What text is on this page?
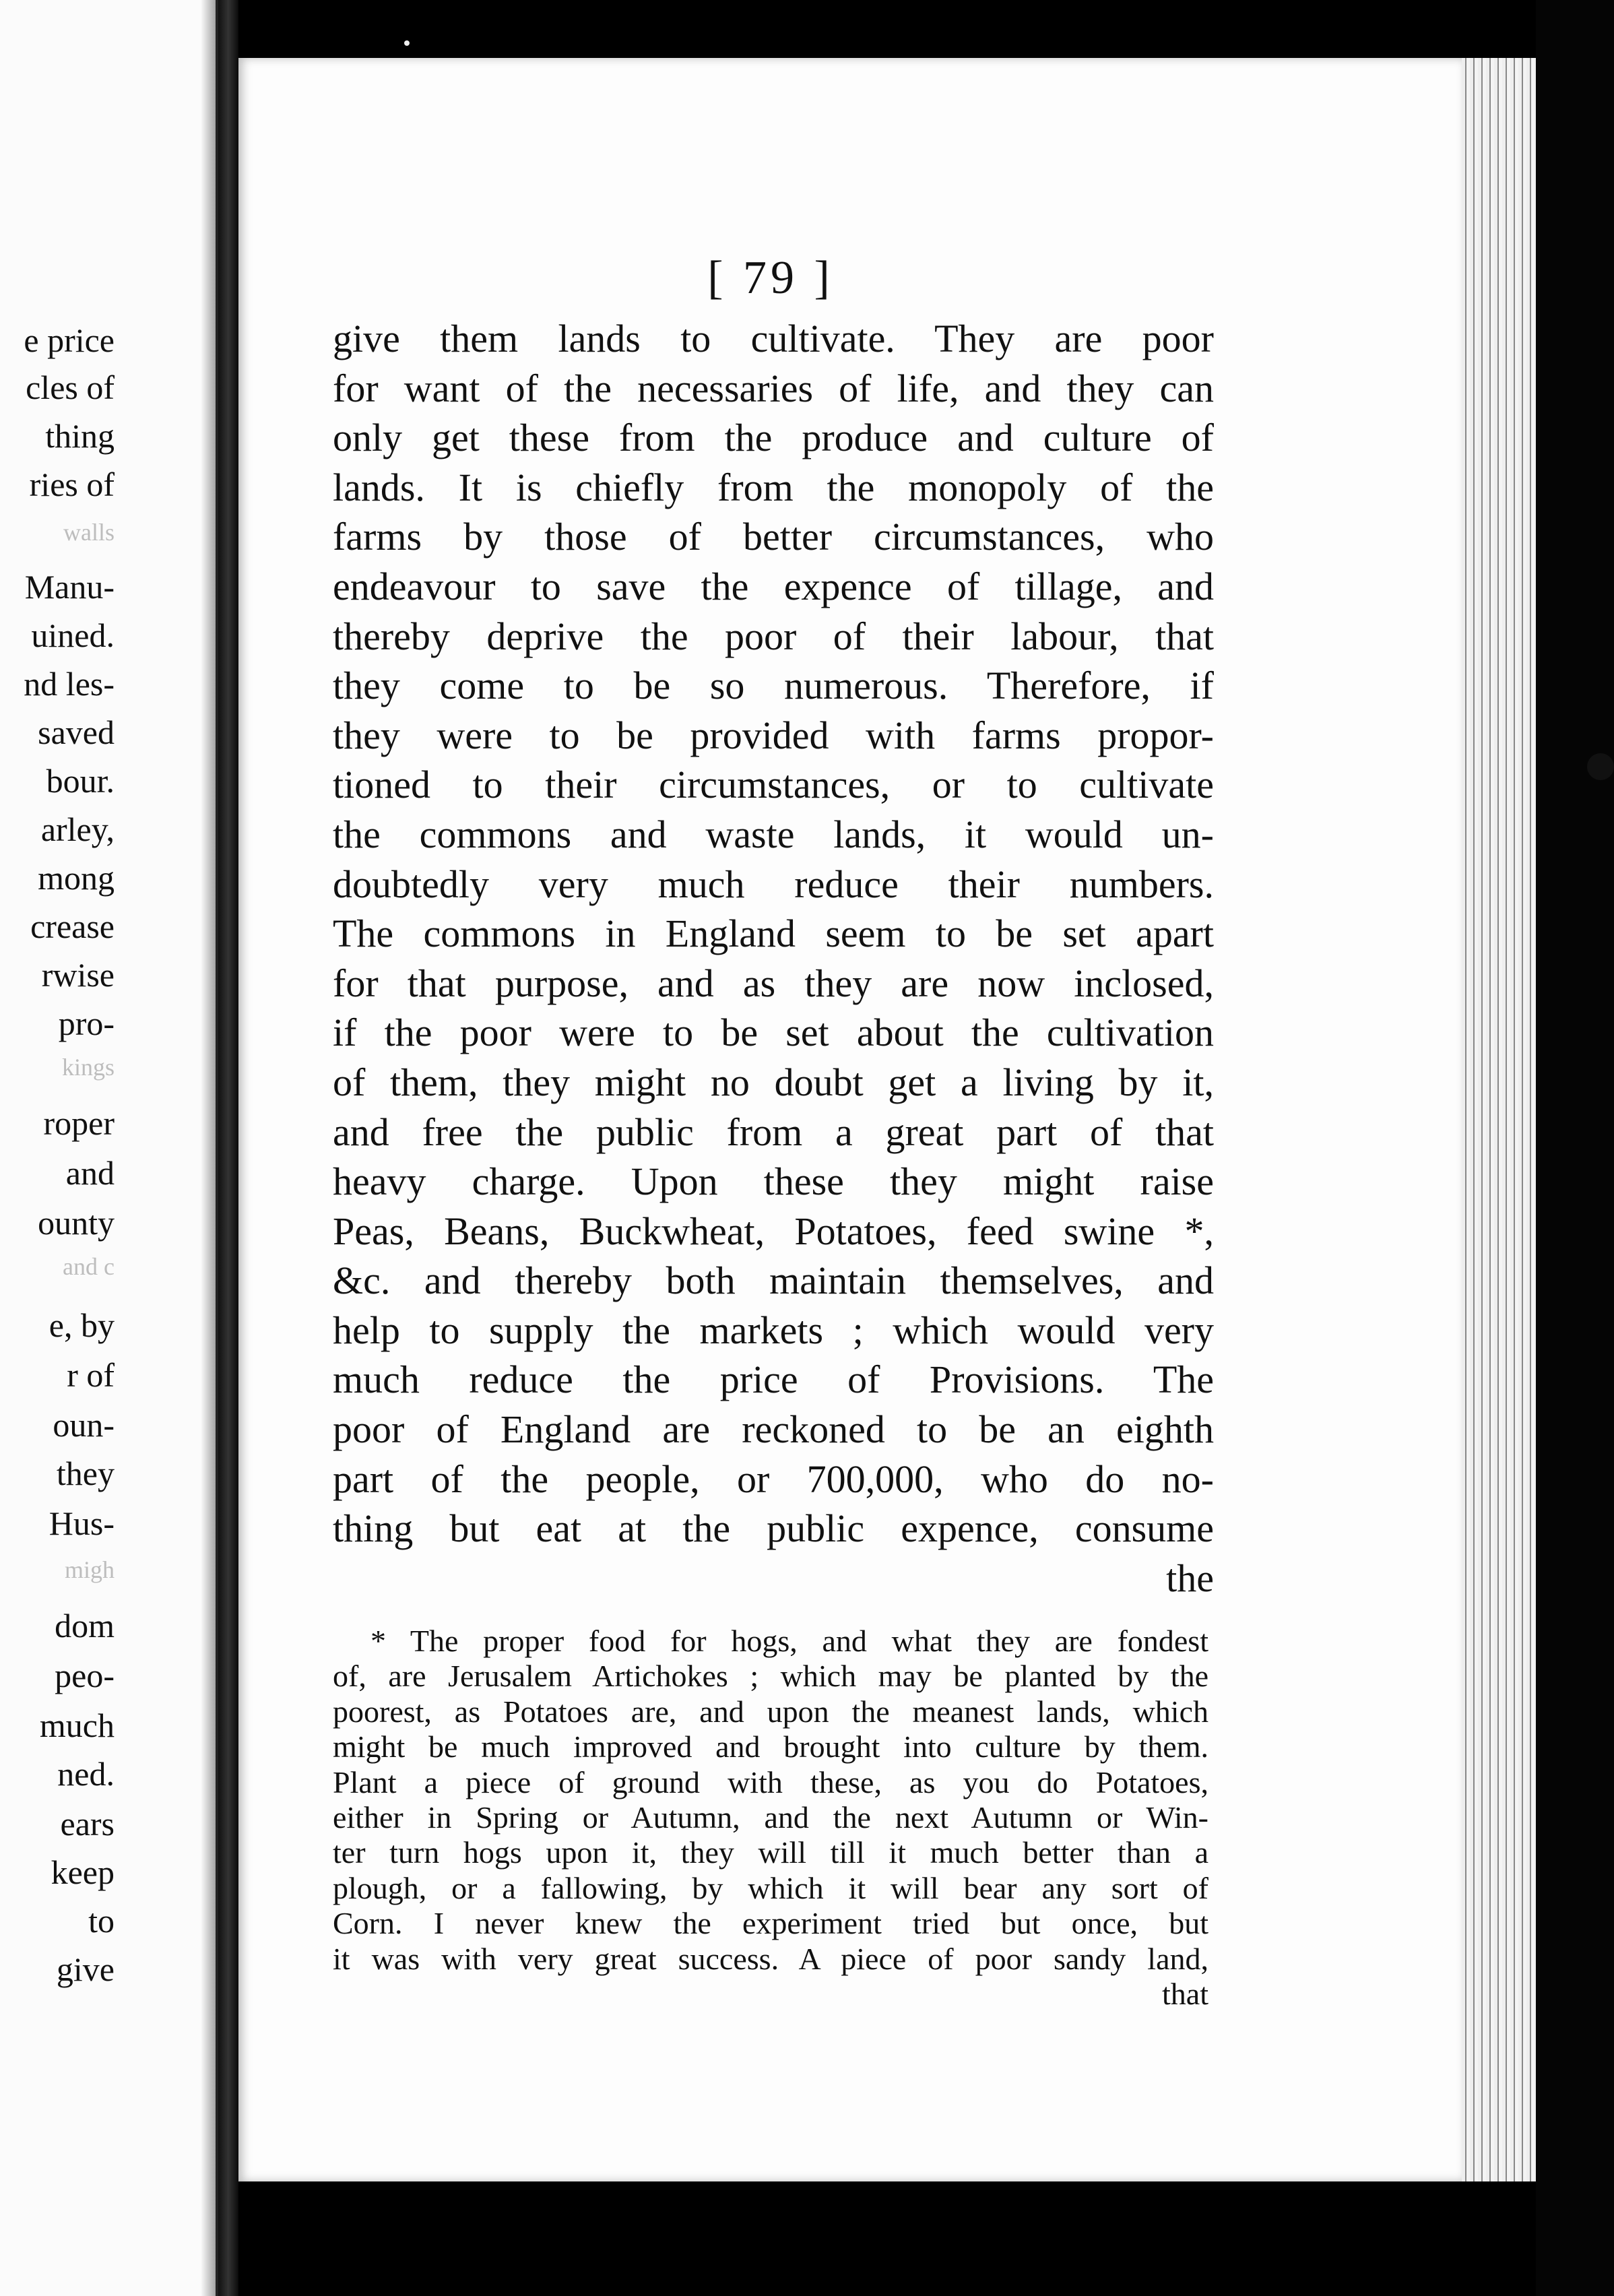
e price
cles of
thing
ries of
walls
Manu-
uined.
nd les-
saved
bour.
arley,
mong
crease
rwise
pro-
kings
roper
and
ounty
and c
e, by
r of
oun-
they
Hus-
migh
dom
peo-
much
ned.
ears
keep
to
give
[ 79 ]
give them lands to cultivate. They are poor
for want of the necessaries of life, and they can
only get these from the produce and culture of
lands. It is chiefly from the monopoly of the
farms by those of better circumstances, who
endeavour to save the expence of tillage, and
thereby deprive the poor of their labour, that
they come to be so numerous. Therefore, if
they were to be provided with farms propor-
tioned to their circumstances, or to cultivate
the commons and waste lands, it would un-
doubtedly very much reduce their numbers.
The commons in England seem to be set apart
for that purpose, and as they are now inclosed,
if the poor were to be set about the cultivation
of them, they might no doubt get a living by it,
and free the public from a great part of that
heavy charge. Upon these they might raise
Peas, Beans, Buckwheat, Potatoes, feed swine *,
&c. and thereby both maintain themselves, and
help to supply the markets ; which would very
much reduce the price of Provisions. The
poor of England are reckoned to be an eighth
part of the people, or 700,000, who do no-
thing but eat at the public expence, consume
the
* The proper food for hogs, and what they are fondest
of, are Jerusalem Artichokes ; which may be planted by the
poorest, as Potatoes are, and upon the meanest lands, which
might be much improved and brought into culture by them.
Plant a piece of ground with these, as you do Potatoes,
either in Spring or Autumn, and the next Autumn or Win-
ter turn hogs upon it, they will till it much better than a
plough, or a fallowing, by which it will bear any sort of
Corn. I never knew the experiment tried but once, but
it was with very great success. A piece of poor sandy land,
that
